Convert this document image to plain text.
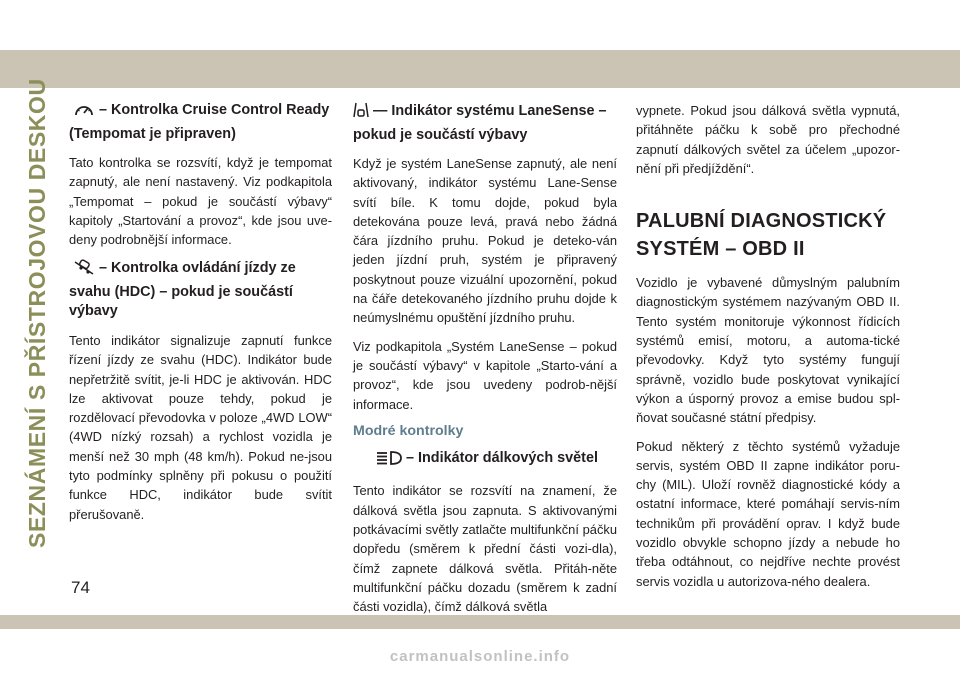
SEZNÁMENÍ S PŘÍSTROJOVOU DESKOU
74
– Kontrolka Cruise Control Ready (Tempomat je připraven)

Tato kontrolka se rozsvítí, když je tempomat zapnutý, ale není nastavený. Viz podkapitola „Tempomat – pokud je součástí výbavy“ kapitoly „Startování a provoz“, kde jsou uve-deny podrobnější informace.

– Kontrolka ovládání jízdy ze svahu (HDC) – pokud je součástí výbavy

Tento indikátor signalizuje zapnutí funkce řízení jízdy ze svahu (HDC). Indikátor bude nepřetržitě svítit, je-li HDC je aktivován. HDC lze aktivovat pouze tehdy, pokud je rozdělovací převodovka v poloze „4WD LOW“ (4WD nízký rozsah) a rychlost vozidla je menší než 30 mph (48 km/h). Pokud ne-jsou tyto podmínky splněny při pokusu o použití funkce HDC, indikátor bude svítit přerušovaně.

— Indikátor systému LaneSense – pokud je součástí výbavy

Když je systém LaneSense zapnutý, ale není aktivovaný, indikátor systému Lane-Sense svítí bíle. K tomu dojde, pokud byla detekována pouze levá, pravá nebo žádná čára jízdního pruhu. Pokud je deteko-ván jeden jízdní pruh, systém je připravený poskytnout pouze vizuální upozornění, pokud na čáře detekovaného jízdního pruhu dojde k neúmyslnému opuštění jízdního pruhu.

Viz podkapitola „Systém LaneSense – pokud je součástí výbavy“ v kapitole „Starto-vání a provoz“, kde jsou uvedeny podrob-nější informace.

Modré kontrolky
– Indikátor dálkových světel

Tento indikátor se rozsvítí na znamení, že dálková světla jsou zapnuta. S aktivovanými potkávacími světly zatlačte multifunkční páčku dopředu (směrem k přední části vozi-dla), čímž zapnete dálková světla. Přitáh-něte multifunkční páčku dozadu (směrem k zadní části vozidla), čímž dálková světla

vypnete. Pokud jsou dálková světla vypnutá, přitáhněte páčku k sobě pro přechodné zapnutí dálkových světel za účelem „upozor-nění při předjíždění“.

PALUBNÍ DIAGNOSTICKÝ SYSTÉM – OBD II

Vozidlo je vybavené důmyslným palubním diagnostickým systémem nazývaným OBD II. Tento systém monitoruje výkonnost řídicích systémů emisí, motoru, a automa-tické převodovky. Když tyto systémy fungují správně, vozidlo bude poskytovat vynikající výkon a úsporný provoz a emise budou spl-ňovat současné státní předpisy.

Pokud některý z těchto systémů vyžaduje servis, systém OBD II zapne indikátor poru-chy (MIL). Uloží rovněž diagnostické kódy a ostatní informace, které pomáhají servis-ním technikům při provádění oprav. I když bude vozidlo obvykle schopno jízdy a nebude ho třeba odtáhnout, co nejdříve nechte provést servis vozidla u autorizova-ného dealera.

carmanualsonline.info
